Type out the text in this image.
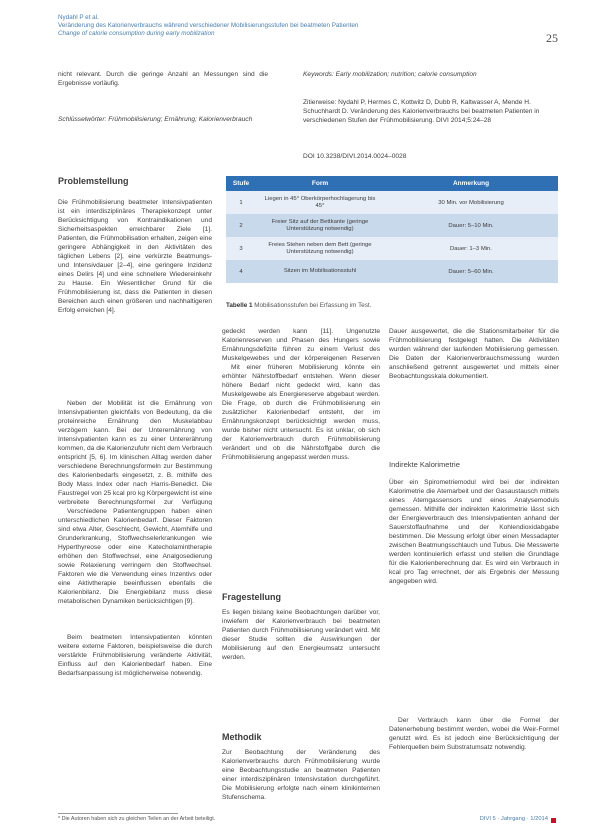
Nydahl P et al.
Veränderung des Kalorienverbrauchs während verschiedener Mobilisierungsstufen bei beatmeten Patienten
Change of calorie consumption during early mobilization	25
nicht relevant. Durch die geringe Anzahl an Messungen sind die Ergebnisse vorläufig.
Schlüsselwörter: Frühmobilisierung; Ernährung; Kalorienverbrauch
Keywords: Early mobilization; nutrition; calorie consumption
Zitierweise: Nydahl P, Hermes C, Kottwitz D, Dubb R, Kaltwasser A, Mende H. Schuchhardt D. Veränderung des Kalorienverbrauchs bei beatmeten Patienten in verschiedenen Stufen der Frühmobilisierung. DIVI 2014;5:24–28
DOI 10.3238/DIVI.2014.0024–0028
Problemstellung
Die Frühmobilisierung beatmeter Intensivpatienten ist ein interdisziplinäres Therapiekonzept unter Berücksichtigung von Kontraindikationen und Sicherheitsaspekten erreichbarer Ziele [1]. Patienten, die Frühmobilisation erhalten, zeigen eine geringere Abhängigkeit in den Aktivitäten des täglichen Lebens [2], eine verkürzte Beatmungs- und Intensivdauer [2–4], eine geringere Inzidenz eines Delirs [4] und eine schnellere Wiedereinkehr zu Hause. Ein Wesentlicher Grund für die Frühmobilisierung ist, dass die Patienten in diesen Bereichen auch einen größeren und nachhaltigeren Erfolg erreichen [4].
Stufe	Form	Anmerkung
1	Liegen in 45° Oberkörperhochlagerung bis 45°	30 Min. vor Mobilisierung
2	Freier Sitz auf der Bettkante (geringe Unterstützung notwendig)	Dauer: 5–10 Min.
3	Freies Stehen neben dem Bett (geringe Unterstützung notwendig)	Dauer: 1–3 Min.
4	Sitzen im Mobilisationsstuhl	Dauer: 5–60 Min.
Tabelle 1 Mobilisationsstufen bei Erfassung im Test.
Neben der Mobilität ist die Ernährung von Intensivpatienten gleichfalls von Bedeutung, da die proteinreiche Ernährung den Muskelabbau verzögern kann. Bei der Unterernährung von Intensivpatienten kann es zu einer Untererährung kommen, da die Kalorienzufuhr nicht dem Verbrauch entspricht [5, 6]. Im klinischen Alltag werden daher verschiedene Berechnungsformeln zur Bestimmung des Kalorienbedarfs eingesetzt, z. B. mithilfe des Body Mass Index oder nach Harris-Benedict. Die Faustregel von 25 kcal pro kg Körpergewicht ist eine verbreitete Berechnungsformel zur Verfügung
Verschiedene Patientengruppen haben einen unterschiedlichen Kalorienbedarf. Dieser Faktoren sind etwa Alter, Geschlecht, Gewicht, Atemhilfe und Grunderkrankung, Stoffwechselerkrankungen wie Hyperthyreose oder eine Katecholamintherapie erhöhen den Stoffwechsel, eine Analgosedierung sowie Relaxierung verringern den Stoffwechsel. Faktoren wie die Verwendung eines Inzentivs oder eine Aktivtherapie beeinflussen ebenfalls die Kalorienbilanz. Die Energiebilanz muss diese metabolischen Dynamiken berücksichtigen [9].
Beim beatmeten Intensivpatienten könnten weitere externe Faktoren, beispielsweise die durch verstärkte Frühmobilisierung veränderte Aktivität, Einfluss auf den Kalorienbedarf haben. Eine Bedarfsanpassung ist möglicherweise notwendig.
gedeckt werden kann [11]. Ungenutzte Kalorienreserven und Phasen des Hungers sowie Ernährungsdefizite führen zu einem Verlust des Muskelgewebes und der körpereigenen Reserven
Mit einer früheren Mobilisierung könnte ein erhöhter Nährstoffbedarf entstehen. Wenn dieser höhere Bedarf nicht gedeckt wird, kann das Muskelgewebe als Energiereserve abgebaut werden. Die Frage, ob durch die Frühmobilisierung ein zusätzlicher Kalorienbedarf entsteht, der im Ernährungskonzept berücksichtigt werden muss, wurde bisher nicht untersucht. Es ist unklar, ob sich der Kalorienverbrauch durch Frühmobilisierung verändert und ob die Nährstoffgabe durch die Frühmobilisierung angepasst werden muss.
Fragestellung
Es liegen bislang keine Beobachtungen darüber vor, inwiefern der Kalorienverbrauch bei beatmeten Patienten durch Frühmobilisierung verändert wird. Mit dieser Studie sollten die Auswirkungen der Mobilisierung auf den Energieumsatz untersucht werden.
Methodik
Zur Beobachtung der Veränderung des Kalorienverbrauchs durch Frühmobilisierung wurde eine Beobachtungsstudie an beatmeten Patienten einer interdisziplinären Intensivstation durchgeführt. Die Mobilisierung erfolgte nach einem klinikinternen Stufenschema.
Dauer ausgewertet, die die Stationsmitarbeiter für die Frühmobilisierung festgelegt hatten. Die Aktivitäten wurden während der laufenden Mobilisierung gemessen. Die Daten der Kalorienverbrauchsmessung wurden anschließend getrennt ausgewertet und mittels einer Beobachtungsskala dokumentiert.
Indirekte Kalorimetrie
Über ein Spirometriemodul wird bei der indirekten Kalorimetrie die Atemarbeit und der Gasaustausch mittels eines Atemgassensors und eines Analysemoduls gemessen. Mithilfe der indirekten Kalorimetrie lässt sich der Energieverbrauch des Intensivpatienten anhand der Sauerstoffaufnahme und der Kohlendioxidabgabe bestimmen. Die Messung erfolgt über einen Messadapter zwischen Beatmungsschlauch und Tubus. Die Messwerte werden kontinuierlich erfasst und stellen die Grundlage für die Kalorienberechnung dar. Es wird ein Verbrauch in kcal pro Tag errechnet, der als Ergebnis der Messung angegeben wird.
Der Verbrauch kann über die Formel der Datenerhebung bestimmt werden, wobei die Weir-Formel genutzt wird. Es ist jedoch eine Berücksichtigung der Fehlerquellen beim Substratumsatz notwendig.
* Die Autoren haben sich zu gleichen Teilen an der Arbeit beteiligt.	DIVI 5 · Jahrgang · 1/2014
